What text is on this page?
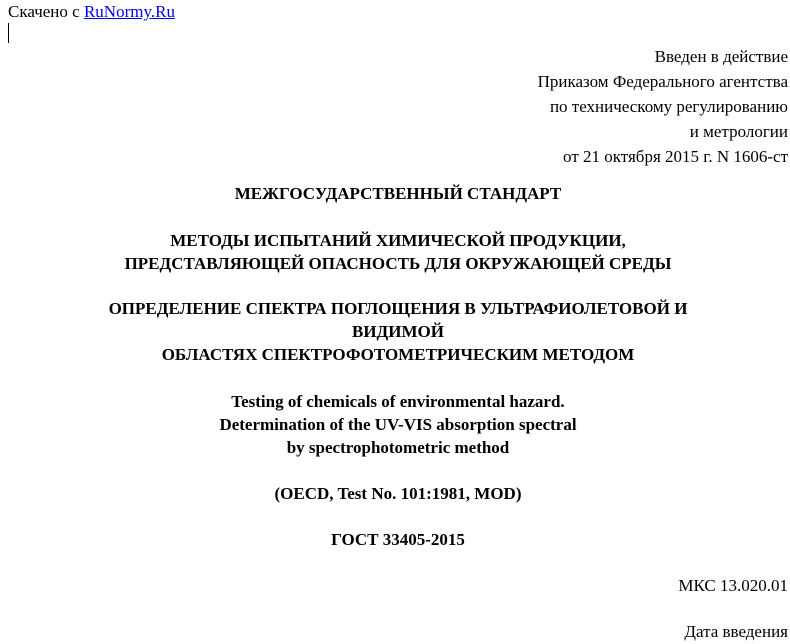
Скачено с RuNormy.Ru
Введен в действие
Приказом Федерального агентства
по техническому регулированию
и метрологии
от 21 октября 2015 г. N 1606-ст
МЕЖГОСУДАРСТВЕННЫЙ СТАНДАРТ
МЕТОДЫ ИСПЫТАНИЙ ХИМИЧЕСКОЙ ПРОДУКЦИИ,
ПРЕДСТАВЛЯЮЩЕЙ ОПАСНОСТЬ ДЛЯ ОКРУЖАЮЩЕЙ СРЕДЫ
ОПРЕДЕЛЕНИЕ СПЕКТРА ПОГЛОЩЕНИЯ В УЛЬТРАФИОЛЕТОВОЙ И
ВИДИМОЙ
ОБЛАСТЯХ СПЕКТРОФОТОМЕТРИЧЕСКИМ МЕТОДОМ
Testing of chemicals of environmental hazard.
Determination of the UV-VIS absorption spectral
by spectrophotometric method
(OECD, Test No. 101:1981, MOD)
ГОСТ 33405-2015
МКС 13.020.01
Дата введения
